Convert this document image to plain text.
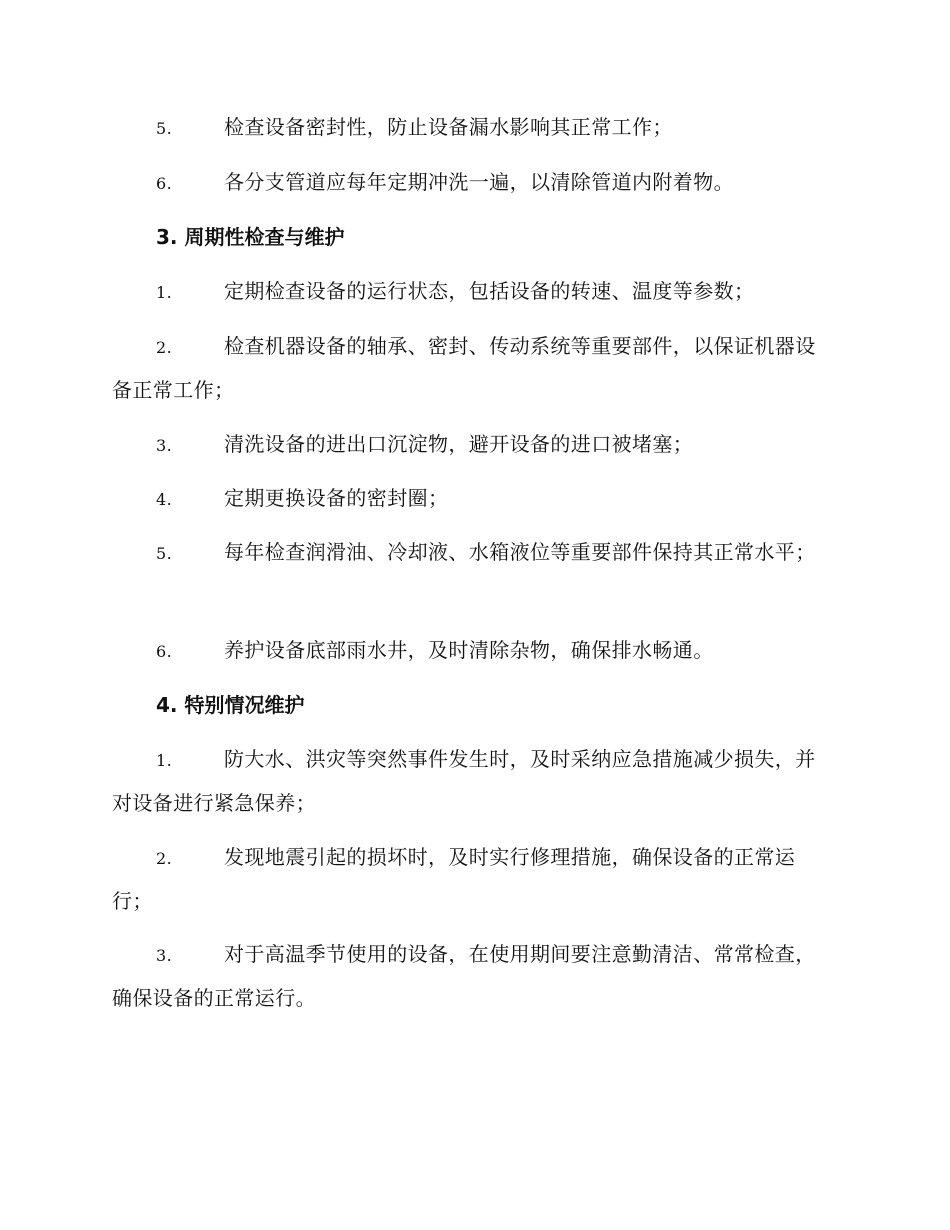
5.	检查设备密封性，防止设备漏水影响其正常工作；
6.	各分支管道应每年定期冲洗一遍，以清除管道内附着物。
3. 周期性检查与维护
1.	定期检查设备的运行状态，包括设备的转速、温度等参数；
2.	检查机器设备的轴承、密封、传动系统等重要部件，以保证机器设备正常工作；
3.	清洗设备的进出口沉淀物，避开设备的进口被堵塞；
4.	定期更换设备的密封圈；
5.	每年检查润滑油、冷却液、水箱液位等重要部件保持其正常水平；
6.	养护设备底部雨水井，及时清除杂物，确保排水畅通。
4. 特别情况维护
1.	防大水、洪灾等突然事件发生时，及时采纳应急措施减少损失，并对设备进行紧急保养；
2.	发现地震引起的损坏时，及时实行修理措施，确保设备的正常运行；
3.	对于高温季节使用的设备，在使用期间要注意勤清洁、常常检查，确保设备的正常运行。
